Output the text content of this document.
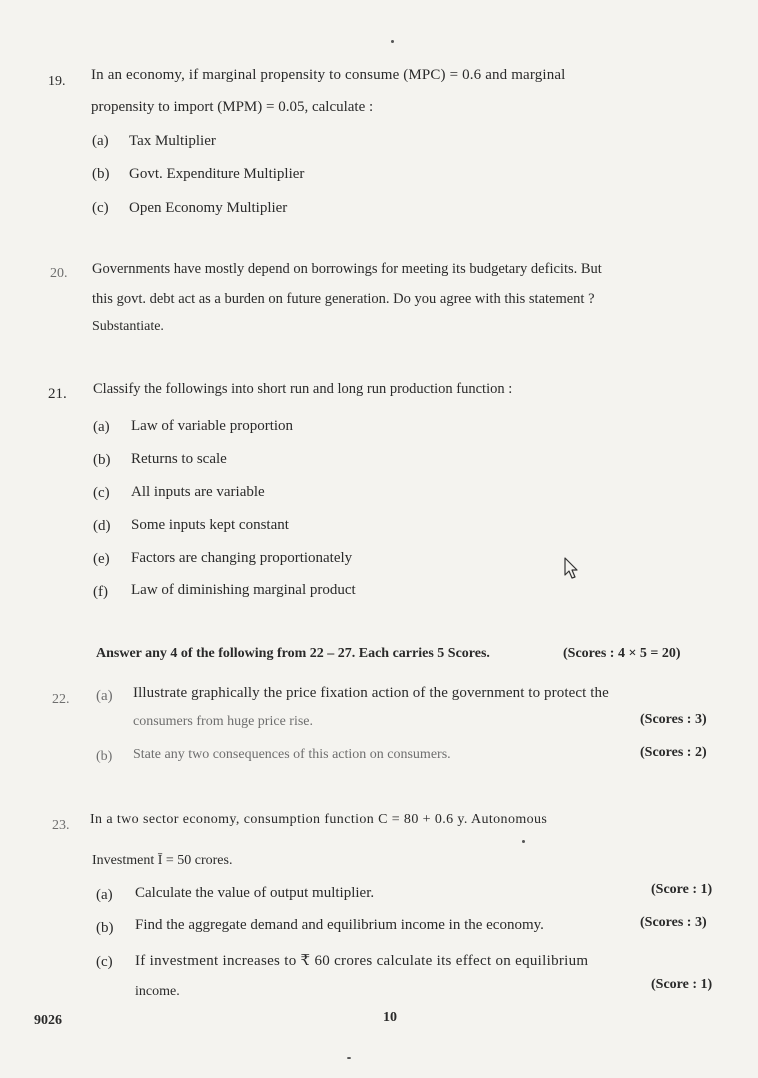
19. In an economy, if marginal propensity to consume (MPC) = 0.6 and marginal
propensity to import (MPM) = 0.05, calculate :
(a) Tax Multiplier
(b) Govt. Expenditure Multiplier
(c) Open Economy Multiplier
20. Governments have mostly depend on borrowings for meeting its budgetary deficits. But
this govt. debt act as a burden on future generation. Do you agree with this statement ?
Substantiate.
21. Classify the followings into short run and long run production function :
(a) Law of variable proportion
(b) Returns to scale
(c) All inputs are variable
(d) Some inputs kept constant
(e) Factors are changing proportionately
(f) Law of diminishing marginal product
Answer any 4 of the following from 22 – 27. Each carries 5 Scores.	(Scores : 4 × 5 = 20)
22. (a) Illustrate graphically the price fixation action of the government to protect the
consumers from huge price rise.	(Scores : 3)
(b) State any two consequences of this action on consumers.	(Scores : 2)
23. In a two sector economy, consumption function C = 80 + 0.6 y. Autonomous
Investment Ī = 50 crores.
(a) Calculate the value of output multiplier.	(Score : 1)
(b) Find the aggregate demand and equilibrium income in the economy.	(Scores : 3)
(c) If investment increases to ₹ 60 crores calculate its effect on equilibrium
income.	(Score : 1)
9026	10
